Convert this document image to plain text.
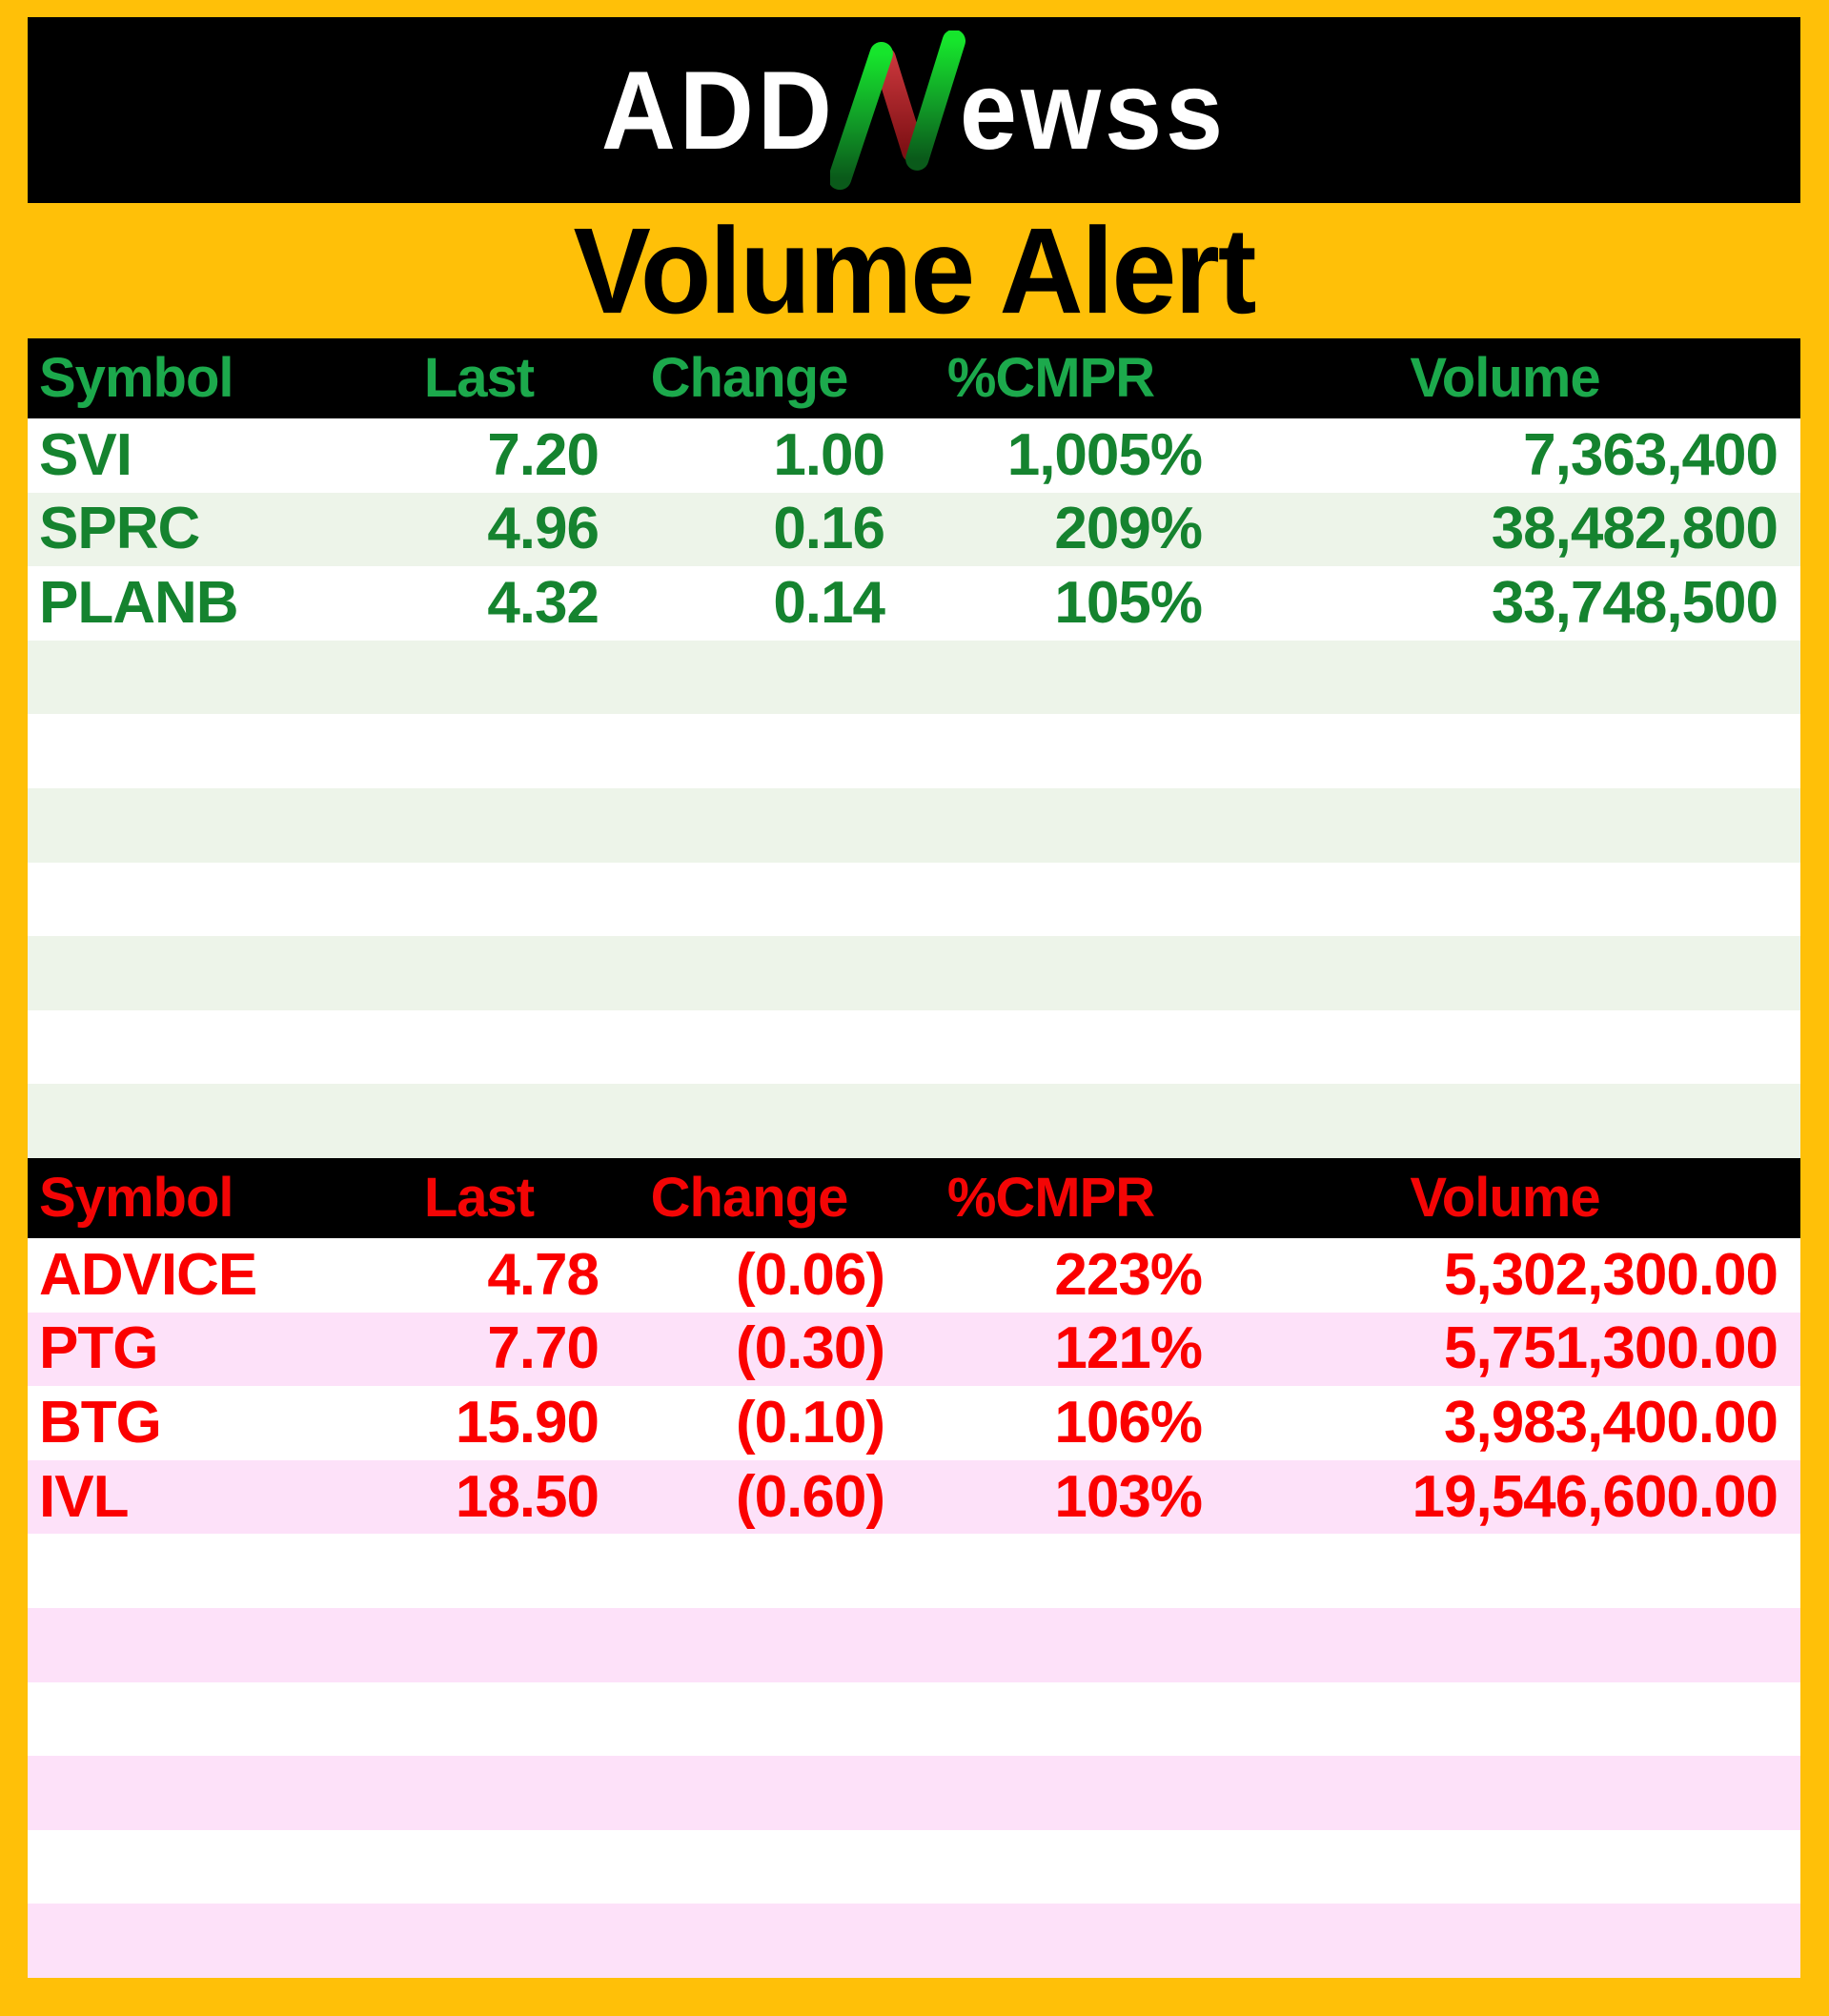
ADD ewss
Volume Alert
Symbol	Last	Change	%CMPR	Volume
SVI	7.20	1.00	1,005%	7,363,400
SPRC	4.96	0.16	209%	38,482,800
PLANB	4.32	0.14	105%	33,748,500
Symbol	Last	Change	%CMPR	Volume
ADVICE	4.78	(0.06)	223%	5,302,300.00
PTG	7.70	(0.30)	121%	5,751,300.00
BTG	15.90	(0.10)	106%	3,983,400.00
IVL	18.50	(0.60)	103%	19,546,600.00
